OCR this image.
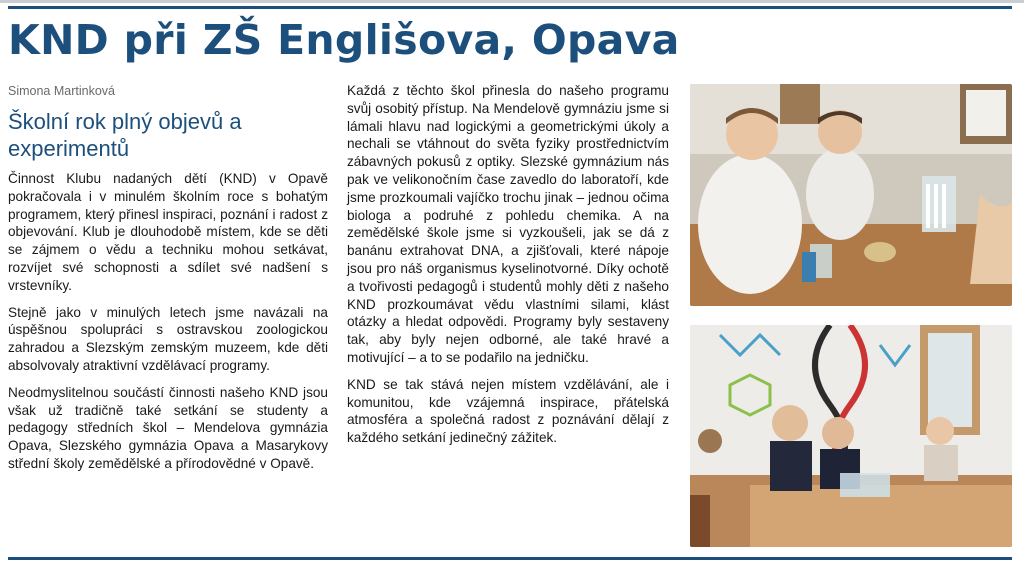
KND při ZŠ Engliš​ova, Opava
Simona Martinková
Školní rok plný objevů a experimentů

Činnost Klubu nadaných dětí (KND) v Opavě pokračovala i v minulém školním roce s bohatým programem, který přinesl inspiraci, poznání i radost z objevování. Klub je dlouhodobě místem, kde se děti se zájmem o vědu a techniku mohou setkávat, rozvíjet své schopnosti a sdílet své nadšení s vrstevníky.

Stejně jako v minulých letech jsme navázali na úspěšnou spolupráci s ostravskou zoologickou zahradou a Slezským zemským muzeem, kde děti absolvovaly atraktivní vzdělávací programy.

Neodmyslitelnou součástí činnosti našeho KND jsou však už tradičně také setkání se studenty a pedagogy středních škol – Mendelova gymnázia Opava, Slezského gymnázia Opava a Masarykovy střední školy zemědělské a přírodovědné v Opavě.

Každá z těchto škol přinesla do našeho programu svůj osobitý přístup. Na Mendelově gymnáziu jsme si lámali hlavu nad logickými a geometrickými úkoly a nechali se vtáhnout do světa fyziky prostřednictvím zábavných pokusů z optiky. Slezské gymnázium nás pak ve velikonočním čase zavedlo do laboratoří, kde jsme prozkoumali vajíčko trochu jinak – jednou očima biologa a podruhé z pohledu chemika. A na zemědělské škole jsme si vyzkoušeli, jak se dá z banánu extrahovat DNA, a zjišťovali, které nápoje jsou pro náš organismus kyselinotvorné. Díky ochotě a tvořivosti pedagogů i studentů mohly děti z našeho KND prozkoumávat vědu vlastními silami, klást otázky a hledat odpovědi. Programy byly sestaveny tak, aby byly nejen odborné, ale také hravé a motivující – a to se podařilo na jedničku.

KND se tak stává nejen místem vzdělávání, ale i komunitou, kde vzájemná inspirace, přátelská atmosféra a společná radost z poznávání dělají z každého setkání jedinečný zážitek.
